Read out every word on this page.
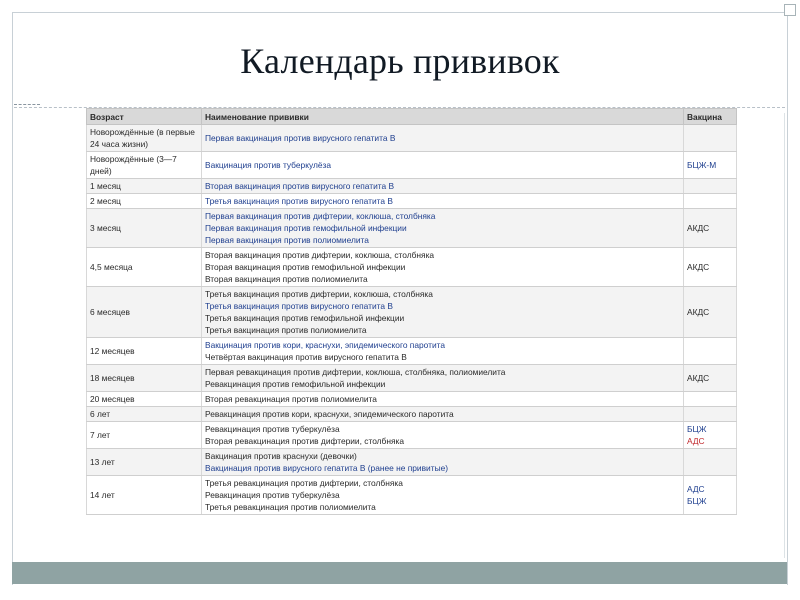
Календарь прививок
Возраст	Наименование прививки	Вакцина
Новорождённые (в первые 24 часа жизни)	Первая вакцинация против вирусного гепатита В	

Новорождённые (3—7 дней)	Вакцинация против туберкулёза	БЦЖ-М

1 месяц	Вторая вакцинация против вирусного гепатита В	

2 месяц	Третья вакцинация против вирусного гепатита В	

3 месяц	Первая вакцинация против дифтерии, коклюша, столбняка
Первая вакцинация против гемофильной инфекции
Первая вакцинация против полиомиелита	АКДС

4,5 месяца	Вторая вакцинация против дифтерии, коклюша, столбняка
Вторая вакцинация против гемофильной инфекции
Вторая вакцинация против полиомиелита	АКДС

6 месяцев	Третья вакцинация против дифтерии, коклюша, столбняка
Третья вакцинация против вирусного гепатита В
Третья вакцинация против гемофильной инфекции
Третья вакцинация против полиомиелита	АКДС

12 месяцев	Вакцинация против кори, краснухи, эпидемического паротита
Четвёртая вакцинация против вирусного гепатита В	

18 месяцев	Первая ревакцинация против дифтерии, коклюша, столбняка, полиомиелита
Ревакцинация против гемофильной инфекции	АКДС

20 месяцев	Вторая ревакцинация против полиомиелита	

6 лет	Ревакцинация против кори, краснухи, эпидемического паротита	

7 лет	Ревакцинация против туберкулёза
Вторая ревакцинация против дифтерии, столбняка	БЦЖ
АДС

13 лет	Вакцинация против краснухи (девочки)
Вакцинация против вирусного гепатита В (ранее не привитые)	

14 лет	Третья ревакцинация против дифтерии, столбняка
Ревакцинация против туберкулёза
Третья ревакцинация против полиомиелита	АДС
БЦЖ
